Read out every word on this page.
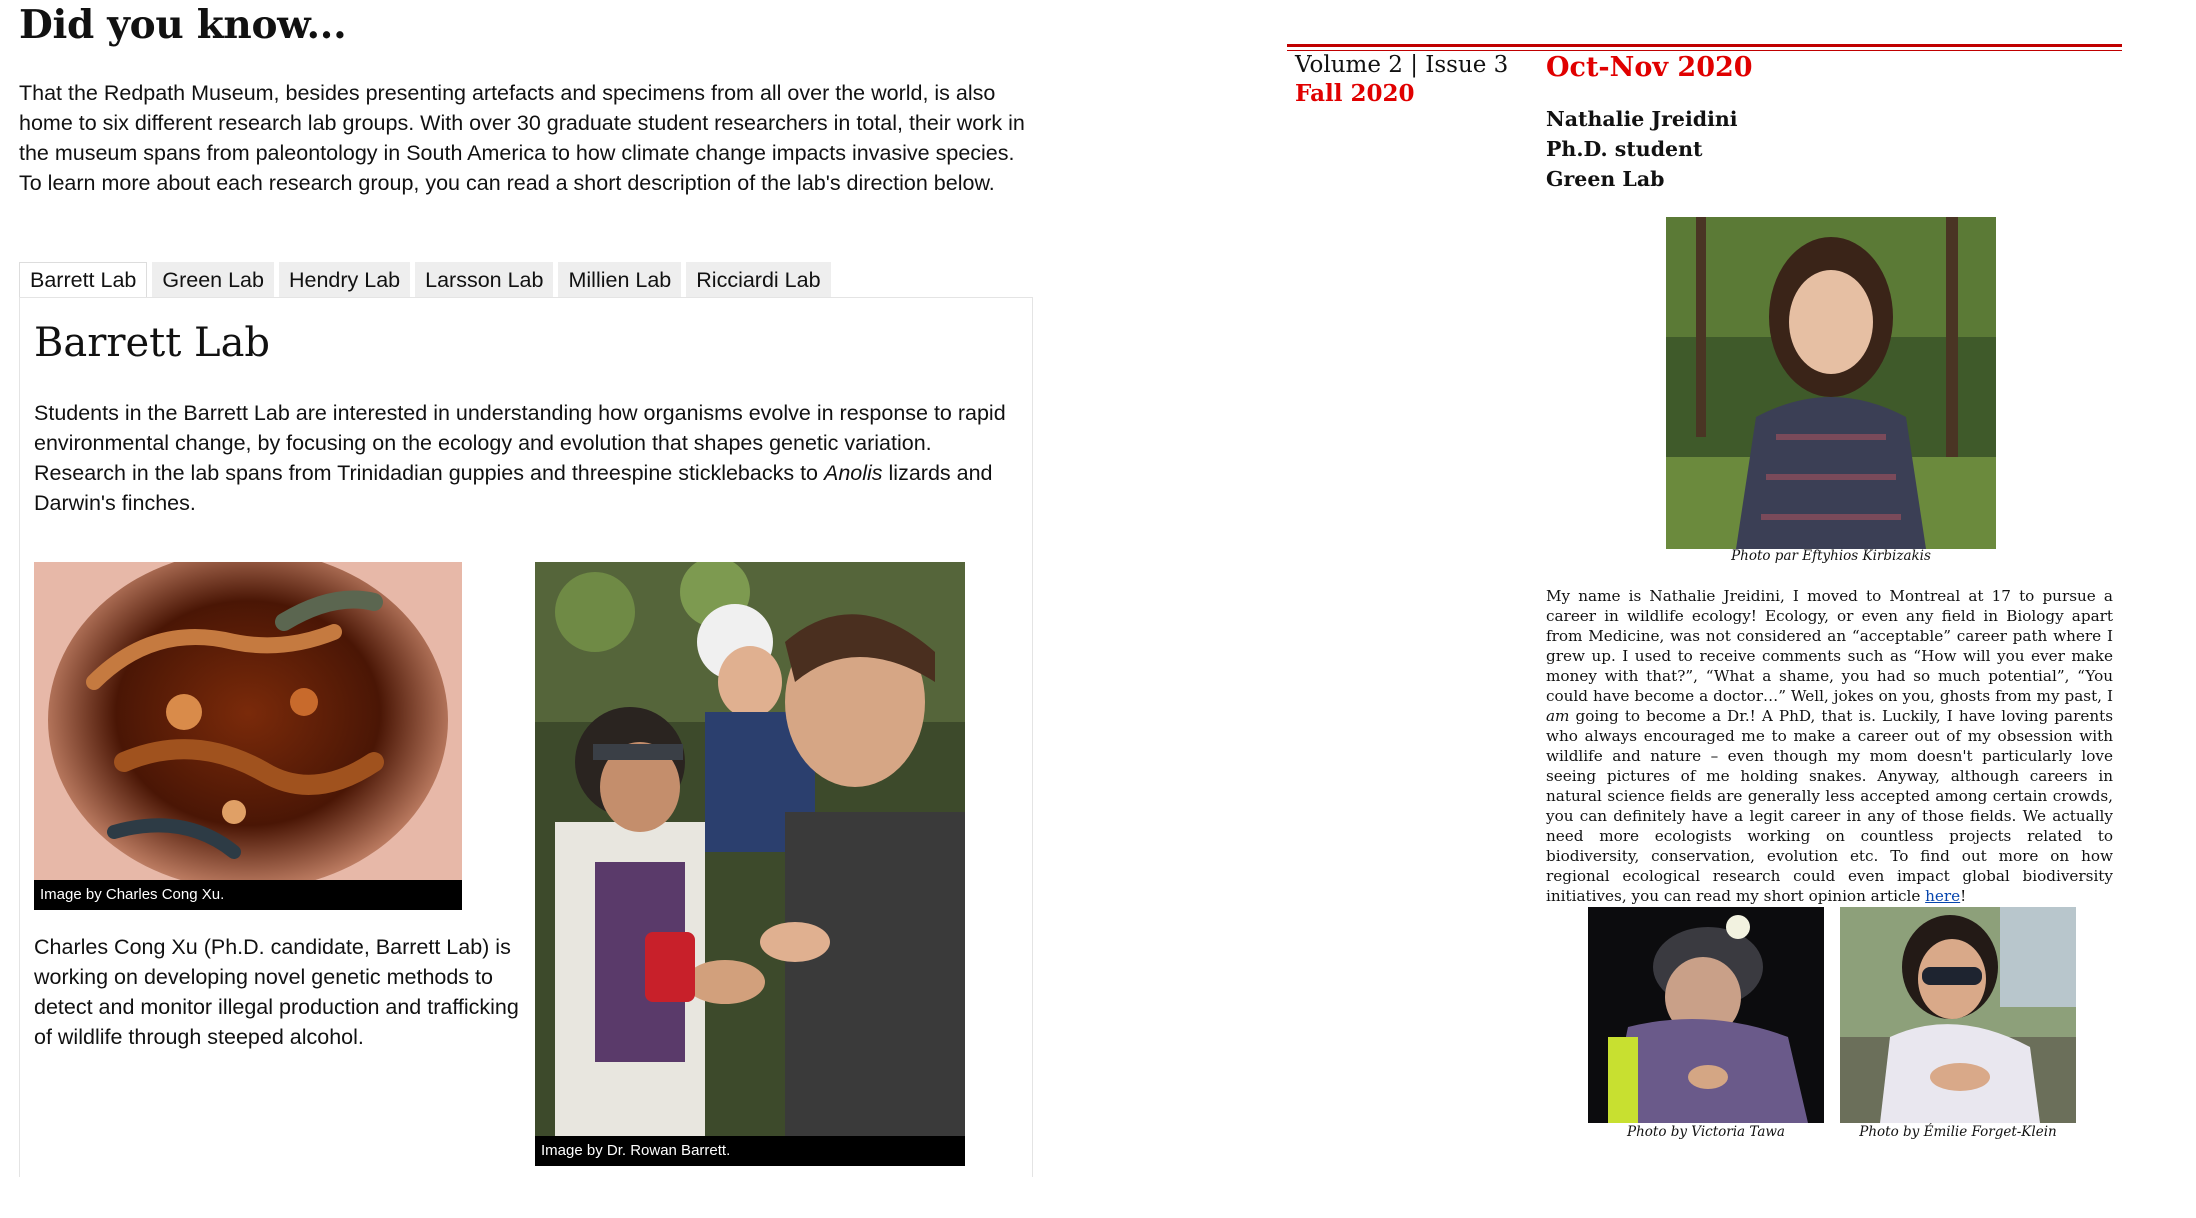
Did you know...

That the Redpath Museum, besides presenting artefacts and specimens from all over the world, is also home to six different research lab groups. With over 30 graduate student researchers in total, their work in the museum spans from paleontology in South America to how climate change impacts invasive species. To learn more about each research group, you can read a short description of the lab's direction below.

Barrett Lab	Green Lab	Hendry Lab	Larsson Lab	Millien Lab	Ricciardi Lab
Barrett Lab

Students in the Barrett Lab are interested in understanding how organisms evolve in response to rapid environmental change, by focusing on the ecology and evolution that shapes genetic variation. Research in the lab spans from Trinidadian guppies and threespine sticklebacks to Anolis lizards and Darwin's finches.

Image by Charles Cong Xu.
Image by Dr. Rowan Barrett.

Charles Cong Xu (Ph.D. candidate, Barrett Lab) is working on developing novel genetic methods to detect and monitor illegal production and trafficking of wildlife through steeped alcohol.

Volume 2 | Issue 3
Fall 2020
Oct-Nov 2020
Nathalie Jreidini
Ph.D. student
Green Lab
Photo par Eftyhios Kirbizakis

My name is Nathalie Jreidini, I moved to Montreal at 17 to pursue a career in wildlife ecology! Ecology, or even any field in Biology apart from Medicine, was not considered an “acceptable” career path where I grew up. I used to receive comments such as “How will you ever make money with that?”, “What a shame, you had so much potential”, “You could have become a doctor…” Well, jokes on you, ghosts from my past, I am going to become a Dr.! A PhD, that is. Luckily, I have loving parents who always encouraged me to make a career out of my obsession with wildlife and nature – even though my mom doesn't particularly love seeing pictures of me holding snakes. Anyway, although careers in natural science fields are generally less accepted among certain crowds, you can definitely have a legit career in any of those fields. We actually need more ecologists working on countless projects related to biodiversity, conservation, evolution etc. To find out more on how regional ecological research could even impact global biodiversity initiatives, you can read my short opinion article here!

Photo by Victoria Tawa	Photo by Émilie Forget-Klein
